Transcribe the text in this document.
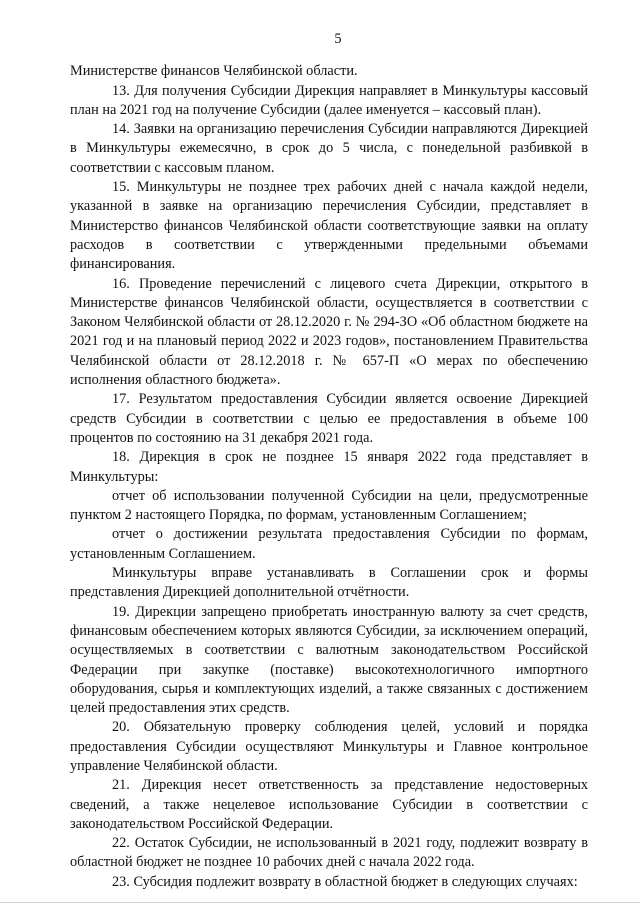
5

Министерстве финансов Челябинской области.

13. Для получения Субсидии Дирекция направляет в Минкультуры кассовый план на 2021 год на получение Субсидии (далее именуется – кассовый план).

14. Заявки на организацию перечисления Субсидии направляются Дирекцией в Минкультуры ежемесячно, в срок до 5 числа, с понедельной разбивкой в соответствии с кассовым планом.

15. Минкультуры не позднее трех рабочих дней с начала каждой недели, указанной в заявке на организацию перечисления Субсидии, представляет в Министерство финансов Челябинской области соответствующие заявки на оплату расходов в соответствии с утвержденными предельными объемами финансирования.

16. Проведение перечислений с лицевого счета Дирекции, открытого в Министерстве финансов Челябинской области, осуществляется в соответствии с Законом Челябинской области от 28.12.2020 г. № 294-ЗО «Об областном бюджете на 2021 год и на плановый период 2022 и 2023 годов», постановлением Правительства Челябинской области от 28.12.2018 г. № 657-П «О мерах по обеспечению исполнения областного бюджета».

17. Результатом предоставления Субсидии является освоение Дирекцией средств Субсидии в соответствии с целью ее предоставления в объеме 100 процентов по состоянию на 31 декабря 2021 года.

18. Дирекция в срок не позднее 15 января 2022 года представляет в Минкультуры:

отчет об использовании полученной Субсидии на цели, предусмотренные пунктом 2 настоящего Порядка, по формам, установленным Соглашением;

отчет о достижении результата предоставления Субсидии по формам, установленным Соглашением.

Минкультуры вправе устанавливать в Соглашении срок и формы представления Дирекцией дополнительной отчётности.

19. Дирекции запрещено приобретать иностранную валюту за счет средств, финансовым обеспечением которых являются Субсидии, за исключением операций, осуществляемых в соответствии с валютным законодательством Российской Федерации при закупке (поставке) высокотехнологичного импортного оборудования, сырья и комплектующих изделий, а также связанных с достижением целей предоставления этих средств.

20. Обязательную проверку соблюдения целей, условий и порядка предоставления Субсидии осуществляют Минкультуры и Главное контрольное управление Челябинской области.

21. Дирекция несет ответственность за представление недостоверных сведений, а также нецелевое использование Субсидии в соответствии с законодательством Российской Федерации.

22. Остаток Субсидии, не использованный в 2021 году, подлежит возврату в областной бюджет не позднее 10 рабочих дней с начала 2022 года.

23. Субсидия подлежит возврату в областной бюджет в следующих случаях:
